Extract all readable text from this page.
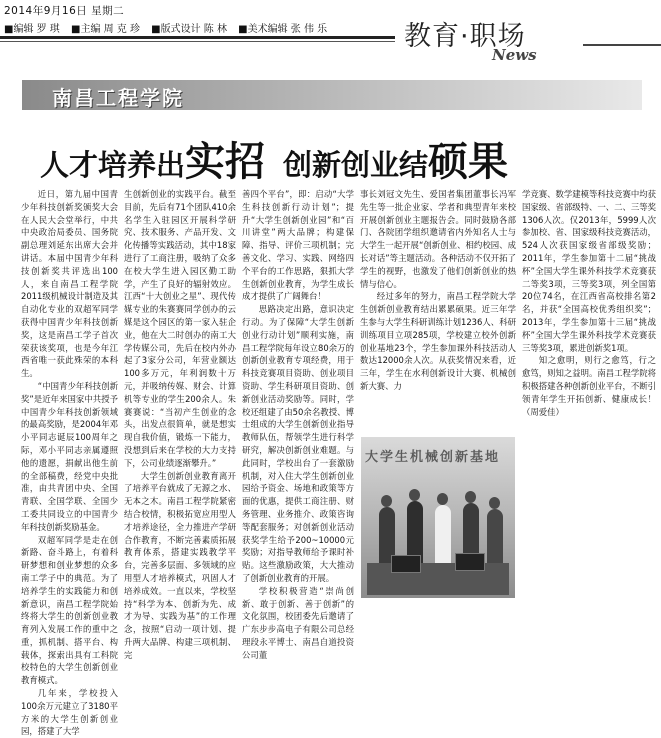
2014年9月16日 星期二
■编辑 罗 琪 ■主编 周 克 珍 ■版式设计 陈 林 ■美术编辑 张 伟 乐	教育·职场
News
南昌工程学院
人才培养出实招 创新创业结硕果

近日，第九届中国青少年科技创新奖颁奖大会在人民大会堂举行，中共中央政治局委员、国务院副总理刘延东出席大会并讲话。本届中国青少年科技创新奖共评选出100人，来自南昌工程学院2011级机械设计制造及其自动化专业的双超军同学获得中国青少年科技创新奖，这是南昌工学子首次荣获该奖项，也是今年江西省唯一获此殊荣的本科生。

“中国青少年科技创新奖”是近年来国家中共授予中国青少年科技创新领域的最高奖励，是2004年邓小平同志诞辰100周年之际，邓小平同志亲属遵照他的遗愿，捐献出他生前的全部稿费，经党中央批准，由共青团中央、全国青联、全国学联、全国少工委共同设立的中国青少年科技创新奖励基金。

双超军同学是走在创新路、奋斗路上，有着科研梦想和创业梦想的众多南工学子中的典范。为了培养学生的实践能力和创新意识，南昌工程学院始终将大学生的创新创业教育列入发展工作的重中之重，抓机制、搭平台、构载体，探索出具有工科院校特色的大学生创新创业教育模式。

几年来，学校投入100余万元建立了3180平方米的大学生创新创业园，搭建了大学

生创新创业的实践平台。截至目前，先后有71个团队410余名学生入驻园区开展科学研究、技术服务、产品开发、文化传播等实践活动，其中18家进行了工商注册，吸纳了众多在校大学生进入园区勤工助学，产生了良好的辐射效应。江西“十大创业之星”、现代传媒专业的朱赛赛同学创办的云媒是这个园区的第一家入驻企业，他在大二时创办的南工大学传媒公司，先后在校内外办起了3家分公司，年营业额达100多万元，年利润数十万元，并吸纳传媒、财会、计算机等专业的学生200余人。朱赛赛说：“当初产生创业的念头，出发点很简单，就是想实现自我价值，锻炼一下能力，没想到后来在学校的大力支持下，公司业绩逐渐攀升。”

大学生创新创业教育离开了培养平台就成了无源之水、无本之木。南昌工程学院紧密结合校情，积极拓宽应用型人才培养途径，全力推进产学研合作教育，不断完善素质拓展教育体系，搭建实践教学平台，完善多层面、多领域的应用型人才培养模式，巩固人才培养成效。一直以来，学校坚持“科学为本、创新为先、成才为导、实践为基”的工作理念，按照“启动一项计划、提升两大品牌、构建三项机制、完

善四个平台”，即：启动“大学生科技创新行动计划”；提升“大学生创新创业园”和“百川讲堂”两大品牌；构建保障、指导、评价三项机制；完善文化、学习、实践、网络四个平台的工作思路，狠抓大学生创新创业教育，为学生成长成才提供了广阔舞台！

思路决定出路，意识决定行动。为了保障“大学生创新创业行动计划”顺利实施，南昌工程学院每年设立80余万的创新创业教育专项经费，用于科技竞赛项目资助、创业项目资助、学生科研项目资助、创新创业活动奖励等。同时，学校还组建了由50余名教授、博士组成的大学生创新创业指导教师队伍，帮领学生进行科学研究，解决创新创业难题。与此同时，学校出台了一套激励机制，对入住大学生创新创业园给予资金、场地和政策等方面的优惠，提供工商注册、财务管理、业务推介、政策咨询等配套服务；对创新创业活动获奖学生给予200~10000元奖励；对指导教师给予课时补贴。这些激励政策，大大推动了创新创业教育的开展。

学校积极营造“崇尚创新、敢于创新、善于创新”的文化氛围，校团委先后邀请了广东步步高电子有限公司总经理段永平博士、南昌自道投资公司董

事长刘冠文先生、爱国者集团董事长冯军先生等一批企业家、学者和典型青年来校开展创新创业主题报告会。同时鼓励各部门、各院团学组织邀请省内外知名人士与大学生一起开展“创新创业、相约校园、成长对话”等主题活动。各种活动不仅开拓了学生的视野，也激发了他们创新创业的热情与信心。

经过多年的努力，南昌工程学院大学生创新创业教育结出累累硕果。近三年学生参与大学生科研训练计划1236人、科研训练项目立项285项，学校建立校外创新创业基地23个，学生参加课外科技活动人数达12000余人次。从获奖情况来看，近三年，学生在水利创新设计大赛、机械创新大赛、力

学竞赛、数学建模等科技竞赛中均获国家级、省部级特、一、二、三等奖1306人次。仅2013年，5999人次参加校、省、国家级科技竞赛活动，524人次获国家级省部级奖励；2011年，学生参加第十二届“挑战杯”全国大学生课外科技学术竞赛获二等奖3项，三等奖3项，列全国第20位74名，在江西省高校排名第2名，并获“全国高校优秀组织奖”；2013年，学生参加第十三届“挑战杯”全国大学生课外科技学术竞赛获三等奖3项，累进创新奖1项。

知之愈明，则行之愈笃，行之愈笃，则知之益明。南昌工程学院将积极搭建各种创新创业平台，不断引领青年学生开拓创新、健康成长！（周爱佳）

大学生机械创新基地
